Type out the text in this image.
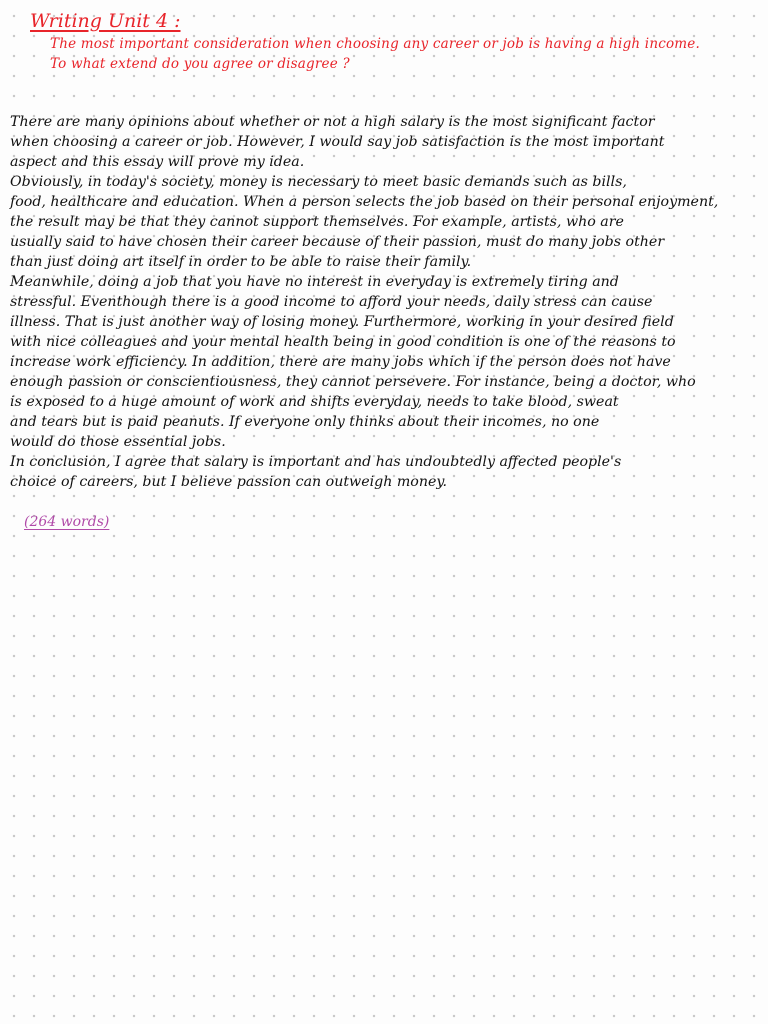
Writing Unit 4 :
The most important consideration when choosing any career or job is having a high income.
To what extend do you agree or disagree ?
There are many opinions about whether or not a high salary is the most significant factor
when choosing a career or job. However, I would say job satisfaction is the most important
aspect and this essay will prove my idea.
Obviously, in today's society, money is necessary to meet basic demands such as bills,
food, healthcare and education. When a person selects the job based on their personal enjoyment,
the result may be that they cannot support themselves. For example, artists, who are
usually said to have chosen their career because of their passion, must do many jobs other
than just doing art itself in order to be able to raise their family.
Meanwhile, doing a job that you have no interest in everyday is extremely tiring and
stressful. Eventhough there is a good income to afford your needs, daily stress can cause
illness. That is just another way of losing money. Furthermore, working in your desired field
with nice colleagues and your mental health being in good condition is one of the reasons to
increase work efficiency. In addition, there are many jobs which if the person does not have
enough passion or conscientiousness, they cannot persevere. For instance, being a doctor, who
is exposed to a huge amount of work and shifts everyday, needs to take blood, sweat
and tears but is paid peanuts. If everyone only thinks about their incomes, no one
would do those essential jobs.
In conclusion, I agree that salary is important and has undoubtedly affected people's
choice of careers, but I believe passion can outweigh money.
(264 words)
